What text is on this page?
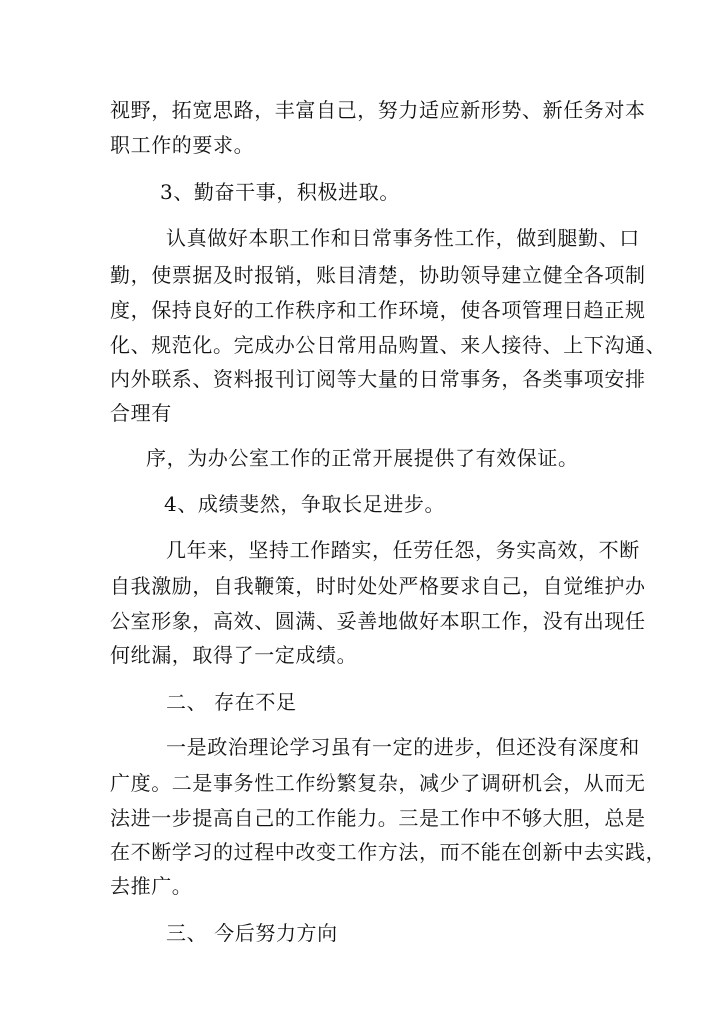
视野，拓宽思路，丰富自己，努力适应新形势、新任务对本
职工作的要求。
3、勤奋干事，积极进取。
认真做好本职工作和日常事务性工作，做到腿勤、口
勤，使票据及时报销，账目清楚，协助领导建立健全各项制
度，保持良好的工作秩序和工作环境，使各项管理日趋正规
化、规范化。完成办公日常用品购置、来人接待、上下沟通、
内外联系、资料报刊订阅等大量的日常事务，各类事项安排
合理有
序，为办公室工作的正常开展提供了有效保证。
4、成绩斐然，争取长足进步。
几年来，坚持工作踏实，任劳任怨，务实高效，不断
自我激励，自我鞭策，时时处处严格要求自己，自觉维护办
公室形象，高效、圆满、妥善地做好本职工作，没有出现任
何纰漏，取得了一定成绩。
二、 存在不足
一是政治理论学习虽有一定的进步，但还没有深度和
广度。二是事务性工作纷繁复杂，减少了调研机会，从而无
法进一步提高自己的工作能力。三是工作中不够大胆，总是
在不断学习的过程中改变工作方法，而不能在创新中去实践，
去推广。
三、 今后努力方向
